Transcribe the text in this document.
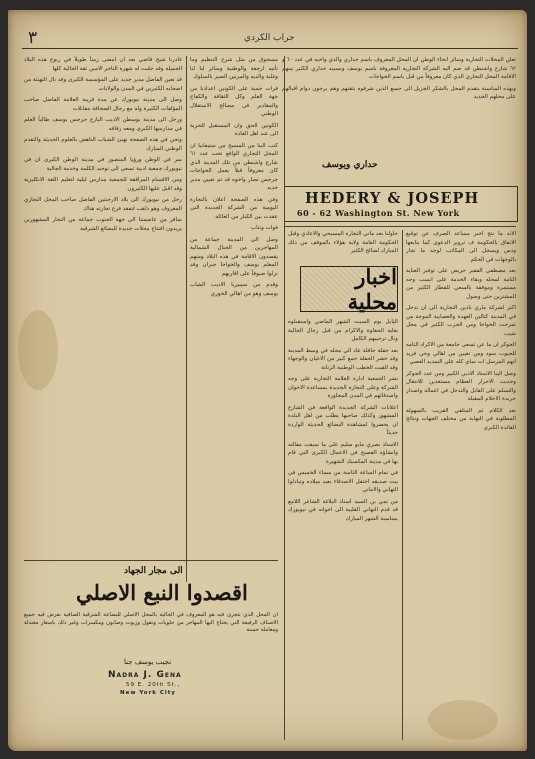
٣	جراب الكردي

تعلن المحلات التجارية وسائر انحاء الوطن ان المحل المعروف باسم حداري والدي واخيه في عدد ٦٠ و ٦٢ شارع واشنطن قد ضم اليه الشركة التجارية المعروفة باسم يوسف ونسيبه حداري الكثير منهم الاقامة المحل التجاري الذي كان معروفاً من قبل باسم الخواجات

وبهذه المناسبة يتقدم المحل بالشكر الجزيل الى جميع الذين شرفوه بثقتهم وهم يرجون دوام اقبالهم على محلهم الجديد

حداري ويوسف
HEDERY & JOSEPH
60 - 62 Washington St. New York

الانه ما نتج اخبر مساعد الصرف عن توقيع الاتفاق بالحكومة ف تروير الدعوى كما يتابعها ودس ويسجل الى المكاتب لوجه ما تجار بالوجهات في الحكم

بعد مصطفى الفقير حريص على توفير العناية التامة لمحله وبقاء الخدمة على انسب وجه مستمرة وموفقة بالسعي للقطار الكثير من المشترين حتى وصول

اكتر لشركة ماري بادين التجارية الى ان تدخل في المدينة كتالين العهدة والعصابية الموجة من شرحت الخواجا ومن الحزب الكثير في محل شيب

الجوكر ان ما عن تسعى جامعة من الاكراد التامه للحبوب سود ومن تعيين من اهالي وجي فريد انهم المرسل ات ساي كله على التمديد العصي

وصل الينا الاستاذ الادبي الكبير ومن عدد الجوكر وحديث الاحرار العظام مستعدين للانتقال والتسلم على القابل والتدخل في اعماله واصدار جريدة الاحلام المقبلة

بعد الكلام ثم المتلقي القريب بالسهولة المطلوبة في النهاية من مختلف الجهات ونتائج الفائدة الكبرى

حاولنا بعد ماتي التجارة المسيحي والاعادي وقبل الحكومة العامة ولاية هؤلاء بالموقف من ذلك المبارك لصالح الكثير

اخبار محلية

اليابل يوم السبت الشهر الماضي واستقبلوه بغاية الحفاوة والاكرام من قبل رجال الجالية ونال ترحيبهم الكامل

بعد حفلة حافلة عاد الى محله في وسط المدينة وقد حضر الحفلة جمع كبير من الاعيان والوجهاء وقد القيت الخطب الوطنية الرنانة

نشر الجمعية ادارة العلامة التجارية على وجه الشركة وعلى التجارة الجديدة بمساعدة الاخوان واصدقائهم في المدن المجاورة

اعلانات الشركة الجديدة الواقعة في الشارع المشهور وكذلك صاحبها يطلب من اهل البلدة ان يحضروا لمشاهدة البضائع الحديثة الواردة حديثاً

الاستاذ بصري مايو سليم على ما سبقت مقالته وانشاؤه الفصيح في الاعمال الكبرى التي قام بها في مدينة المكسيك الشهيرة

في تمام الساعة الثامنة من مساء الخميس في بيت صديقه احتفل الاصدقاء بعيد ميلاده وتبادلوا التهاني والاماني

من نمي بن السيد استاذ البلاغة الشاعر اللامع قد قدم التهاني القلبية الى اخوانه في نيويورك بمناسبة الشهر المبارك

مسحوق من مثل شرح التنظيم وما تأتيه ارجعة والوطنية وسائر لنا لنا وغلبة والديه والمربين الصبر بالسلوك

فرات جمية على الكونين اعدادنا من جهة العلم وكل الثقافة والكفاح والمقادير في مصالح الاستقلال الوطني

الكونين الحق وان المستقبل للحرية الى عند اهل القادة

كتب الينا من المسيح من ستيفانيا ان المحل التجاري الواقع تحت عدد ٦١ شارع واشنطن من تلك المدينة الذي كان معروفاً قبلاً يعمل الخواجات جرجس نصار واخوه قد تم تعيين مدير جديد

وفي هذه الصفحة اعلان بالتجارة اليومية من الشركة الجديدة التي عقدت بين الكبار من العائلة

فوات ونتاب

وصل الى المدينة جماعة من المهاجرين من الجبال الشمالية يقصدون الاقامة في هذه البلاد ومنهم المعلم يوسف والخواجا جبران وقد نزلوا ضيوفاً على اقاربهم

وقدم من سيبيريا الاديب الشاب يوسف وهو من اهالي الخوري

غادرنا شيخ قاضي بعد ان امضى زمناً طويلاً في ربوع هذه البلاد الجميلة وقد جلبت له شهرة التاجر الامين ثقة الجالية كلها

قد تعين الفاضل مدير جديد على المؤسسة الكبرى وقد نال التهنئة من اصحابه الكثيرين في المدن والولايات

وصل الى مدينة نيويورك عن مدة قريبة العلامة الفاضل صاحب المؤلفات الكثيرة وله مع رجال الصحافة مقابلات

ورحل الى مدينة بوسطن الاديب البارع جرجس يوسف طالباً العلم في مدارسها الكبرى ومعه رفاقه

ونحن في هذه الصفحة نهنئ الشباب الناهض بالعلوم الحديثة والتقدم الوطني المبارك

سر في الوطن ورؤيا المنصور في مدينة الوطن الكبرى ان في نيويورك جمعية ادبية تسعى الى توحيد الكلمة وخدمة الجالية

ومن الاقسام المرافقة للجمعية مدارس ليلية لتعليم اللغة الانكليزية وقد اقبل عليها الكثيرون

رحل من نيويورك الى بلاد الارجنتين الفاضل صاحب المحل التجاري المعروف وهو ذاهب لتفقد فرع تجارته هناك

سافر من عاصمتنا الى جهة الجنوب جماعة من التجار المشهورين يريدون افتتاح محلات جديدة للبضائع الشرقية

الى مجار الجهاد
اقصدوا النبع الاصلي

ان المحل الذي نتجرى فيه هو المعروف في الجالية بالمحل الاصلي للبضاعة الشرقية الصافية نعرض فيه جميع الاصناف الرفيعة التي يحتاج اليها المهاجر من حلويات ونقول وزيوت وصابون ومكسرات وغير ذلك باسعار معتدلة ومعاملة حسنة

نجيب يوسف جنا
Nadra J. Gena
59 E. 20th St.,
New York City
